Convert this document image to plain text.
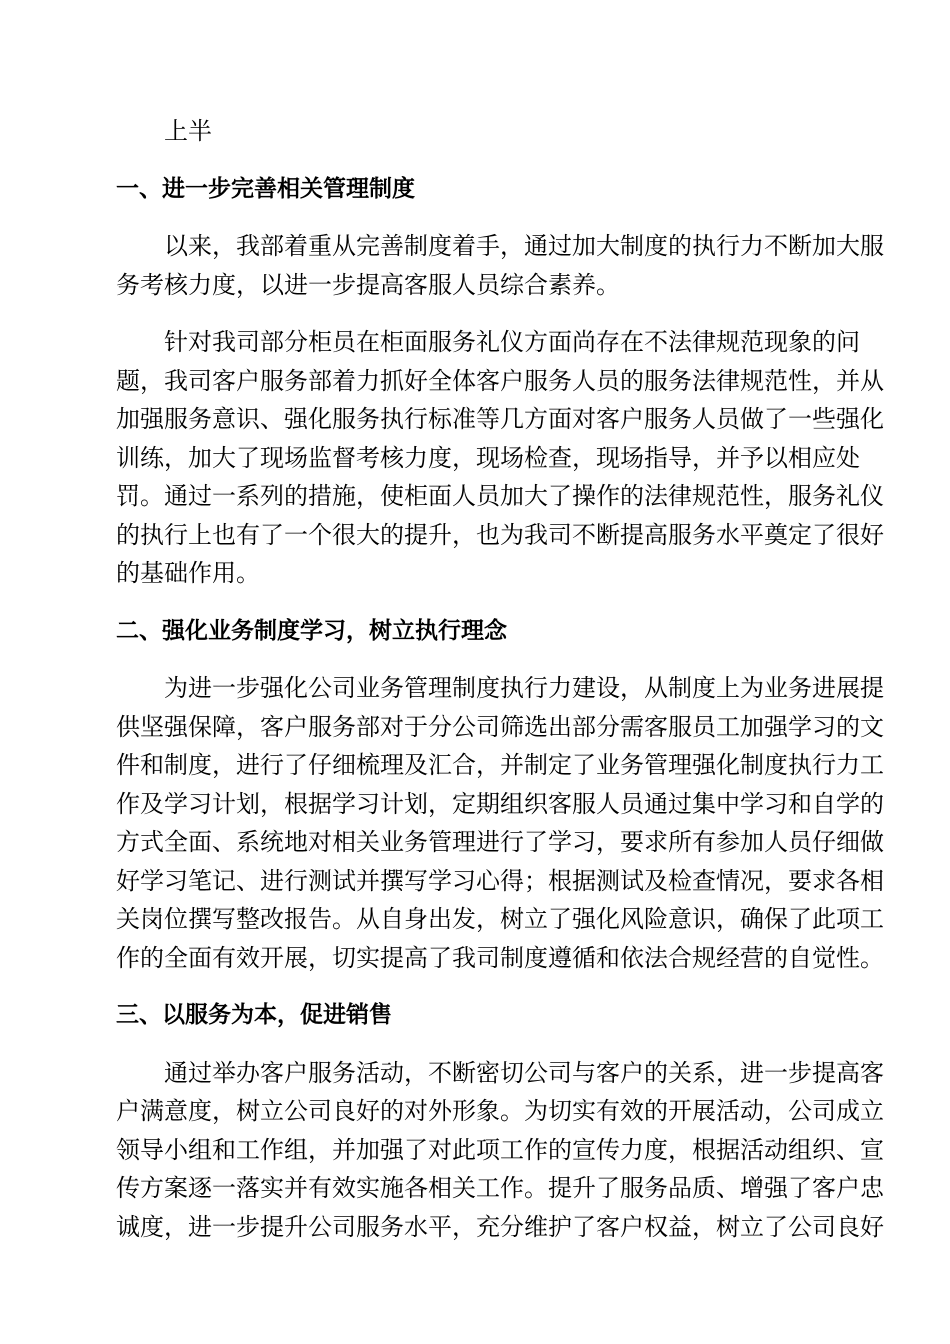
上半
一、进一步完善相关管理制度
以来，我部着重从完善制度着手，通过加大制度的执行力不断加大服
务考核力度，以进一步提高客服人员综合素养。
针对我司部分柜员在柜面服务礼仪方面尚存在不法律规范现象的问
题，我司客户服务部着力抓好全体客户服务人员的服务法律规范性，并从
加强服务意识、强化服务执行标准等几方面对客户服务人员做了一些强化
训练，加大了现场监督考核力度，现场检查，现场指导，并予以相应处
罚。通过一系列的措施，使柜面人员加大了操作的法律规范性，服务礼仪
的执行上也有了一个很大的提升，也为我司不断提高服务水平奠定了很好
的基础作用。
二、强化业务制度学习，树立执行理念
为进一步强化公司业务管理制度执行力建设，从制度上为业务进展提
供坚强保障，客户服务部对于分公司筛选出部分需客服员工加强学习的文
件和制度，进行了仔细梳理及汇合，并制定了业务管理强化制度执行力工
作及学习计划，根据学习计划，定期组织客服人员通过集中学习和自学的
方式全面、系统地对相关业务管理进行了学习，要求所有参加人员仔细做
好学习笔记、进行测试并撰写学习心得；根据测试及检查情况，要求各相
关岗位撰写整改报告。从自身出发，树立了强化风险意识，确保了此项工
作的全面有效开展，切实提高了我司制度遵循和依法合规经营的自觉性。
三、以服务为本，促进销售
通过举办客户服务活动，不断密切公司与客户的关系，进一步提高客
户满意度，树立公司良好的对外形象。为切实有效的开展活动，公司成立
领导小组和工作组，并加强了对此项工作的宣传力度，根据活动组织、宣
传方案逐一落实并有效实施各相关工作。提升了服务品质、增强了客户忠
诚度，进一步提升公司服务水平，充分维护了客户权益，树立了公司良好
